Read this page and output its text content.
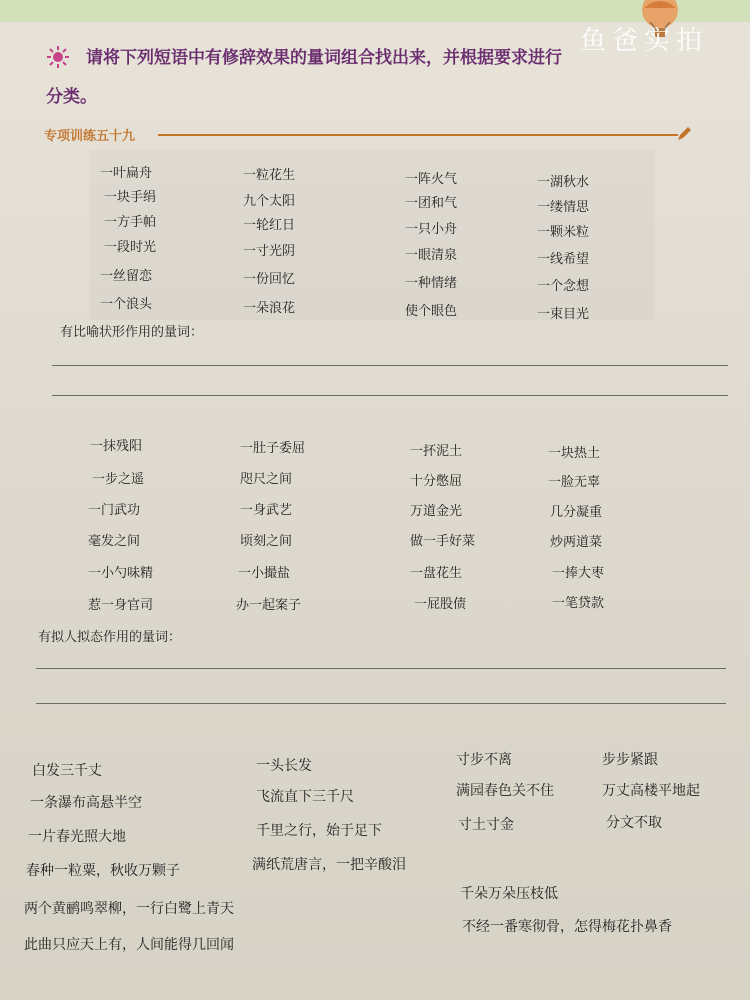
鱼爸实拍
请将下列短语中有修辞效果的量词组合找出来，并根据要求进行
分类。
专项训练五十九
一叶扁舟	一粒花生	一阵火气	一湖秋水
一块手绢	九个太阳	一团和气	一缕情思
一方手帕	一轮红日	一只小舟	一颗米粒
一段时光	一寸光阴	一眼清泉	一线希望
一丝留恋	一份回忆	一种情绪	一个念想
一个浪头	一朵浪花	使个眼色	一束目光
有比喻状形作用的量词：
一抹残阳	一肚子委屈	一抔泥土	一块热土
一步之遥	咫尺之间	十分憋屈	一脸无辜
一门武功	一身武艺	万道金光	几分凝重
毫发之间	顷刻之间	做一手好菜	炒两道菜
一小勺味精	一小撮盐	一盘花生	一捧大枣
惹一身官司	办一起案子	一屁股债	一笔贷款
有拟人拟态作用的量词：
白发三千丈	一头长发	寸步不离	步步紧跟
一条瀑布高悬半空	飞流直下三千尺	满园春色关不住	万丈高楼平地起
一片春光照大地	千里之行，始于足下	寸土寸金	分文不取
春种一粒粟，秋收万颗子	满纸荒唐言，一把辛酸泪
两个黄鹂鸣翠柳，一行白鹭上青天
千朵万朵压枝低
此曲只应天上有，人间能得几回闻
不经一番寒彻骨，怎得梅花扑鼻香
